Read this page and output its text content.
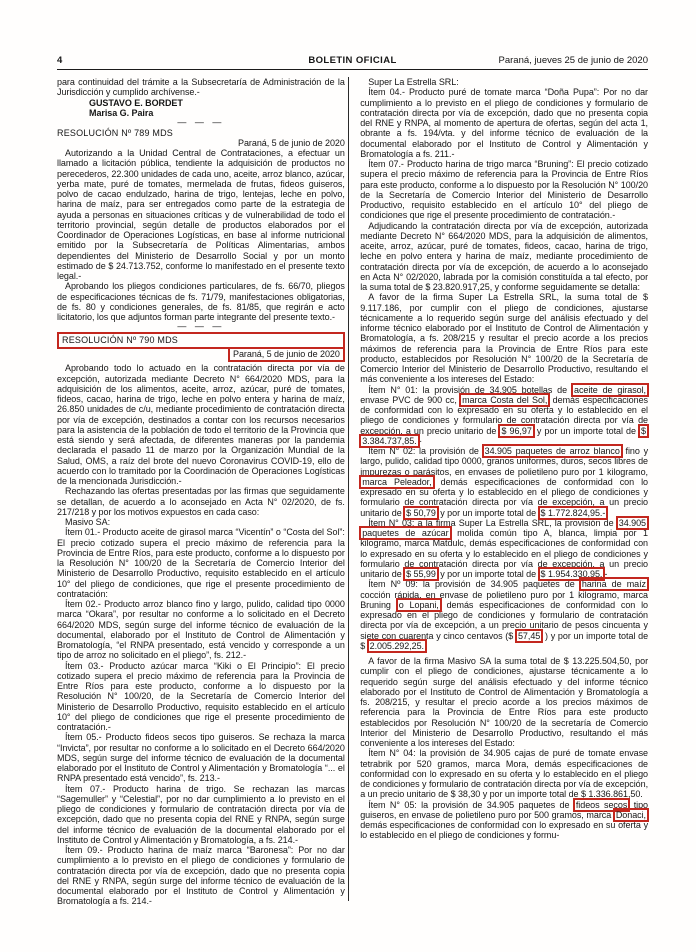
4	BOLETIN OFICIAL	Paraná, jueves 25 de junio de 2020

para continuidad del trámite a la Subsecretaría de Administración de la Jurisdicción y cumplido archívense.-

GUSTAVO E. BORDET

Marisa G. Paira

— — —

RESOLUCIÓN Nº 789 MDS

Paraná, 5 de junio de 2020

Autorizando a la Unidad Central de Contrataciones, a efectuar un llamado a licitación pública, tendiente la adquisición de productos no perecederos, 22.300 unidades de cada uno, aceite, arroz blanco, azúcar, yerba mate, puré de tomates, mermelada de frutas, fideos guiseros, polvo de cacao endulzado, harina de trigo, lentejas, leche en polvo, harina de maíz, para ser entregados como parte de la estrategia de ayuda a personas en situaciones críticas y de vulnerabilidad de todo el territorio provincial, según detalle de productos elaborados por el Coordinador de Operaciones Logísticas, en base al informe nutricional emitido por la Subsecretaría de Políticas Alimentarias, ambos dependientes del Ministerio de Desarrollo Social y por un monto estimado de $ 24.713.752, conforme lo manifestado en el presente texto legal.-

Aprobando los pliegos condiciones particulares, de fs. 66/70, pliegos de especificaciones técnicas de fs. 71/79, manifestaciones obligatorias, de fs. 80 y condiciones generales, de fs. 81/85, que regirán e acto licitatorio, los que adjuntos forman parte integrante del presente texto.-

— — —

RESOLUCIÓN Nº 790 MDS

Paraná, 5 de junio de 2020

Aprobando todo lo actuado en la contratación directa por vía de excepción, autorizada mediante Decreto N° 664/2020 MDS, para la adquisición de los alimentos, aceite, arroz, azúcar, puré de tomates, fideos, cacao, harina de trigo, leche en polvo entera y harina de maíz, 26.850 unidades de c/u, mediante procedimiento de contratación directa por vía de excepción, destinados a contar con los recursos necesarios para la asistencia de la población de todo el territorio de la Provincia que está siendo y será afectada, de diferentes maneras por la pandemia declarada el pasado 11 de marzo por la Organización Mundial de la Salud, OMS, a raíz del brote del nuevo Coronavirus COVID-19, ello de acuerdo con lo tramitado por la Coordinación de Operaciones Logísticas de la mencionada Jurisdicción.-

Rechazando las ofertas presentadas por las firmas que seguidamente se detallan, de acuerdo a lo aconsejado en Acta N° 02/2020, de fs. 217/218 y por los motivos expuestos en cada caso:

Masivo SA:

Ítem 01.- Producto aceite de girasol marca “Vicentín” o “Costa del Sol”: El precio cotizado supera el precio máximo de referencia para la Provincia de Entre Ríos, para este producto, conforme a lo dispuesto por la Resolución N° 100/20 de la Secretaría de Comercio Interior del Ministerio de Desarrollo Productivo, requisito establecido en el artículo 10° del pliego de condiciones, que rige el presente procedimiento de contratación:

Ítem 02.- Producto arroz blanco fino y largo, pulido, calidad tipo 0000 marca “Okara”, por resultar no conforme a lo solicitado en el Decreto 664/2020 MDS, según surge del informe técnico de evaluación de la documental, elaborado por el Instituto de Control de Alimentación y Bromatología, “el RNPA presentado, está vencido y corresponde a un tipo de arroz no solicitado en el pliego”, fs. 212.-

Ítem 03.- Producto azúcar marca “Kiki o El Principio”: El precio cotizado supera el precio máximo de referencia para la Provincia de Entre Ríos para este producto, conforme a lo dispuesto por la Resolución N° 100/20, de la Secretaría de Comercio Interior del Ministerio de Desarrollo Productivo, requisito establecido en el artículo 10° del pliego de condiciones que rige el presente procedimiento de contratación.-

Ítem 05.- Producto fideos secos tipo guiseros. Se rechaza la marca “Invicta”, por resultar no conforme a lo solicitado en el Decreto 664/2020 MDS, según surge del informe técnico de evaluación de la documental elaborado por el Instituto de Control y Alimentación y Bromatología “... el RNPA presentado está vencido”, fs. 213.-

Ítem 07.- Producto harina de trigo. Se rechazan las marcas “Sagemuller” y “Celestial”, por no dar cumplimiento a lo previsto en el pliego de condiciones y formulario de contratación directa por vía de excepción, dado que no presenta copia del RNE y RNPA, según surge del informe técnico de evaluación de la documental elaborado por el Instituto de Control y Alimentación y Bromatología, a fs. 214.-

Ítem 09.- Producto harina de maíz marca “Baronesa”: Por no dar cumplimiento a lo previsto en el pliego de condiciones y formulario de contratación directa por vía de excepción, dado que no presenta copia del RNE y RNPA, según surge del informe técnico de evaluación de la documental elaborado por el Instituto de Control y Alimentación y Bromatología a fs. 214.-

Super La Estrella SRL:

Ítem 04.- Producto puré de tomate marca “Doña Pupa”: Por no dar cumplimiento a lo previsto en el pliego de condiciones y formulario de contratación directa por vía de excepción, dado que no presenta copia del RNE y RNPA, al momento de apertura de ofertas, según del acta 1, obrante a fs. 194/vta. y del informe técnico de evaluación de la documental elaborado por el Instituto de Control y Alimentación y Bromatología a fs. 211.-

Ítem 07.- Producto harina de trigo marca “Bruning”: El precio cotizado supera el precio máximo de referencia para la Provincia de Entre Ríos para este producto, conforme a lo dispuesto por la Resolución N° 100/20 de la Secretaría de Comercio Interior del Ministerio de Desarrollo Productivo, requisito establecido en el artículo 10° del pliego de condiciones que rige el presente procedimiento de contratación.-

Adjudicando la contratación directa por vía de excepción, autorizada mediante Decreto N° 664/2020 MDS, para la adquisición de alimentos, aceite, arroz, azúcar, puré de tomates, fideos, cacao, harina de trigo, leche en polvo entera y harina de maíz, mediante procedimiento de contratación directa por vía de excepción, de acuerdo a lo aconsejado en Acta N° 02/2020, labrada por la comisión constituída a tal efecto, por la suma total de $ 23.820.917,25, y conforme seguidamente se detalla:

A favor de la firma Super La Estrella SRL, la suma total de $ 9.117.186, por cumplir con el pliego de condiciones, ajustarse técnicamente a lo requerido según surge del análisis efectuado y del informe técnico elaborado por el Instituto de Control de Alimentación y Bromatología, a fs. 208/215 y resultar el precio acorde a los precios máximos de referencia para la Provincia de Entre Ríos para este producto, establecidos por Resolución N° 100/20 de la Secretaría de Comercio Interior del Ministerio de Desarrollo Productivo, resultando el más conveniente a los intereses del Estado:

Ítem N° 01: la provisión de 34.905 botellas de aceite de girasol, envase PVC de 900 cc, marca Costa del Sol, demás especificaciones de conformidad con lo expresado en su oferta y lo establecido en el pliego de condiciones y formulario de contratación directa por vía de excepción, a un precio unitario de $ 96,97 y por un importe total de $ 3.384.737,85. -

Ítem N° 02: la provisión de 34.905 paquetes de arroz blanco fino y largo, pulido, calidad tipo 0000, granos uniformes, duros, secos libres de impurezas o parásitos, en envases de polietileno puro por 1 kilogramo, marca Peleador, demás especificaciones de conformidad con lo expresado en su oferta y lo establecido en el pliego de condiciones y formulario de contratación directa por vía de excepción, a un precio unitario de $ 50,79 y por un importe total de $ 1.772.824,95.-

Ítem N° 03: a la firma Super La Estrella SRL, la provisión de 34.905 paquetes de azúcar molida común tipo A, blanca, limpia por 1 kilogramo, marca Matdulc, demás especificaciones de conformidad con lo expresado en su oferta y lo establecido en el pliego de condiciones y formulario de contratación directa por vía de excepción, a un precio unitario de $ 55,99 y por un importe total de $ 1.954.330,95. -

Ítem Nº 09: la provisión de 34.905 paquetes de harina de maíz cocción rápida, en envase de polietileno puro por 1 kilogramo, marca Bruning o Lopani, demás especificaciones de conformidad con lo expresado en el pliego de condiciones y formulario de contratación directa por vía de excepción, a un precio unitario de pesos cincuenta y siete con cuarenta y cinco centavos ($ 57,45 ) y por un importe total de $ 2.005.292,25.

A favor de la firma Masivo SA la suma total de $ 13.225.504,50, por cumplir con el pliego de condiciones, ajustarse técnicamente a lo requerido según surge del análisis efectuado y del informe técnico elaborado por el Instituto de Control de Alimentación y Bromatología a fs. 208/215, y resultar el precio acorde a los precios máximos de referencia para la Provincia de Entre Ríos para este producto establecidos por Resolución N° 100/20 de la secretaría de Comercio Interior del Ministerio de Desarrollo Productivo, resultando el más conveniente a los intereses del Estado:

Ítem N° 04: la provisión de 34.905 cajas de puré de tomate envase tetrabrik por 520 gramos, marca Mora, demás especificaciones de conformidad con lo expresado en su oferta y lo establecido en el pliego de condiciones y formulario de contratación directa por vía de excepción, a un precio unitario de $ 38,30 y por un importe total de $ 1.336.861,50.

Ítem N° 05: la provisión de 34.905 paquetes de fideos secos tipo guiseros, en envase de polietileno puro por 500 gramos, marca Donaci, demás especificaciones de conformidad con lo expresado en su oferta y lo establecido en el pliego de condiciones y formu-
